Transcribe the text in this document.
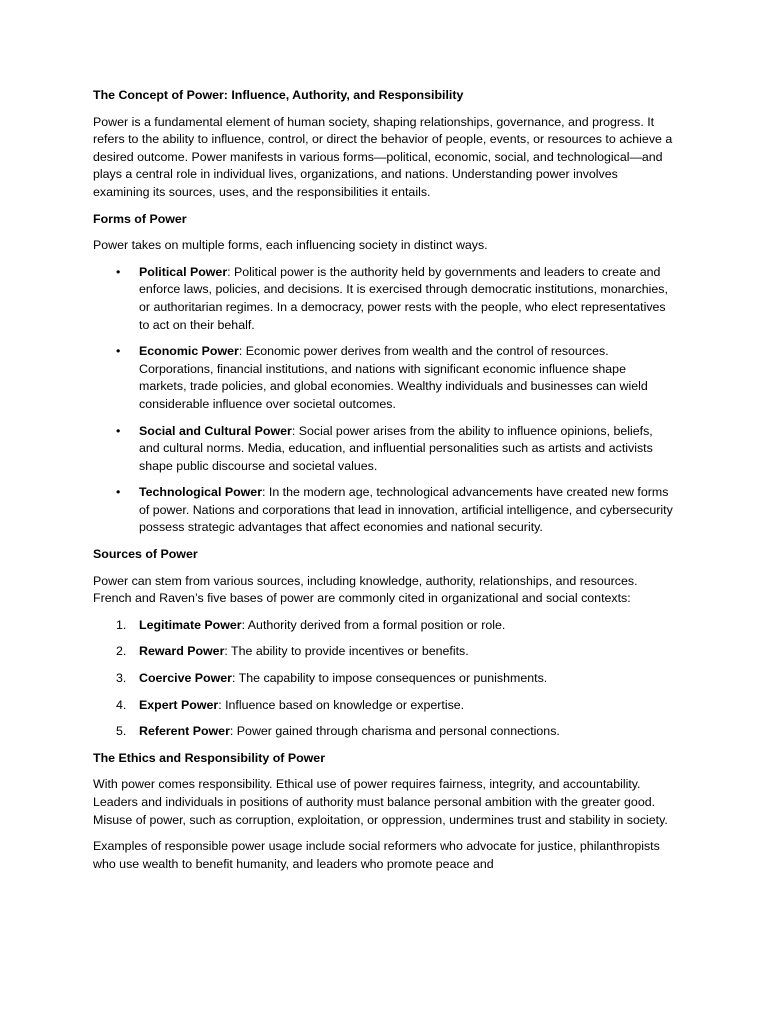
The Concept of Power: Influence, Authority, and Responsibility

Power is a fundamental element of human society, shaping relationships, governance, and progress. It refers to the ability to influence, control, or direct the behavior of people, events, or resources to achieve a desired outcome. Power manifests in various forms—political, economic, social, and technological—and plays a central role in individual lives, organizations, and nations. Understanding power involves examining its sources, uses, and the responsibilities it entails.

Forms of Power

Power takes on multiple forms, each influencing society in distinct ways.

• Political Power: Political power is the authority held by governments and leaders to create and enforce laws, policies, and decisions. It is exercised through democratic institutions, monarchies, or authoritarian regimes. In a democracy, power rests with the people, who elect representatives to act on their behalf.
• Economic Power: Economic power derives from wealth and the control of resources. Corporations, financial institutions, and nations with significant economic influence shape markets, trade policies, and global economies. Wealthy individuals and businesses can wield considerable influence over societal outcomes.
• Social and Cultural Power: Social power arises from the ability to influence opinions, beliefs, and cultural norms. Media, education, and influential personalities such as artists and activists shape public discourse and societal values.
• Technological Power: In the modern age, technological advancements have created new forms of power. Nations and corporations that lead in innovation, artificial intelligence, and cybersecurity possess strategic advantages that affect economies and national security.
Sources of Power

Power can stem from various sources, including knowledge, authority, relationships, and resources. French and Raven’s five bases of power are commonly cited in organizational and social contexts:

1. Legitimate Power: Authority derived from a formal position or role.
2. Reward Power: The ability to provide incentives or benefits.
3. Coercive Power: The capability to impose consequences or punishments.
4. Expert Power: Influence based on knowledge or expertise.
5. Referent Power: Power gained through charisma and personal connections.
The Ethics and Responsibility of Power

With power comes responsibility. Ethical use of power requires fairness, integrity, and accountability. Leaders and individuals in positions of authority must balance personal ambition with the greater good. Misuse of power, such as corruption, exploitation, or oppression, undermines trust and stability in society.

Examples of responsible power usage include social reformers who advocate for justice, philanthropists who use wealth to benefit humanity, and leaders who promote peace and
